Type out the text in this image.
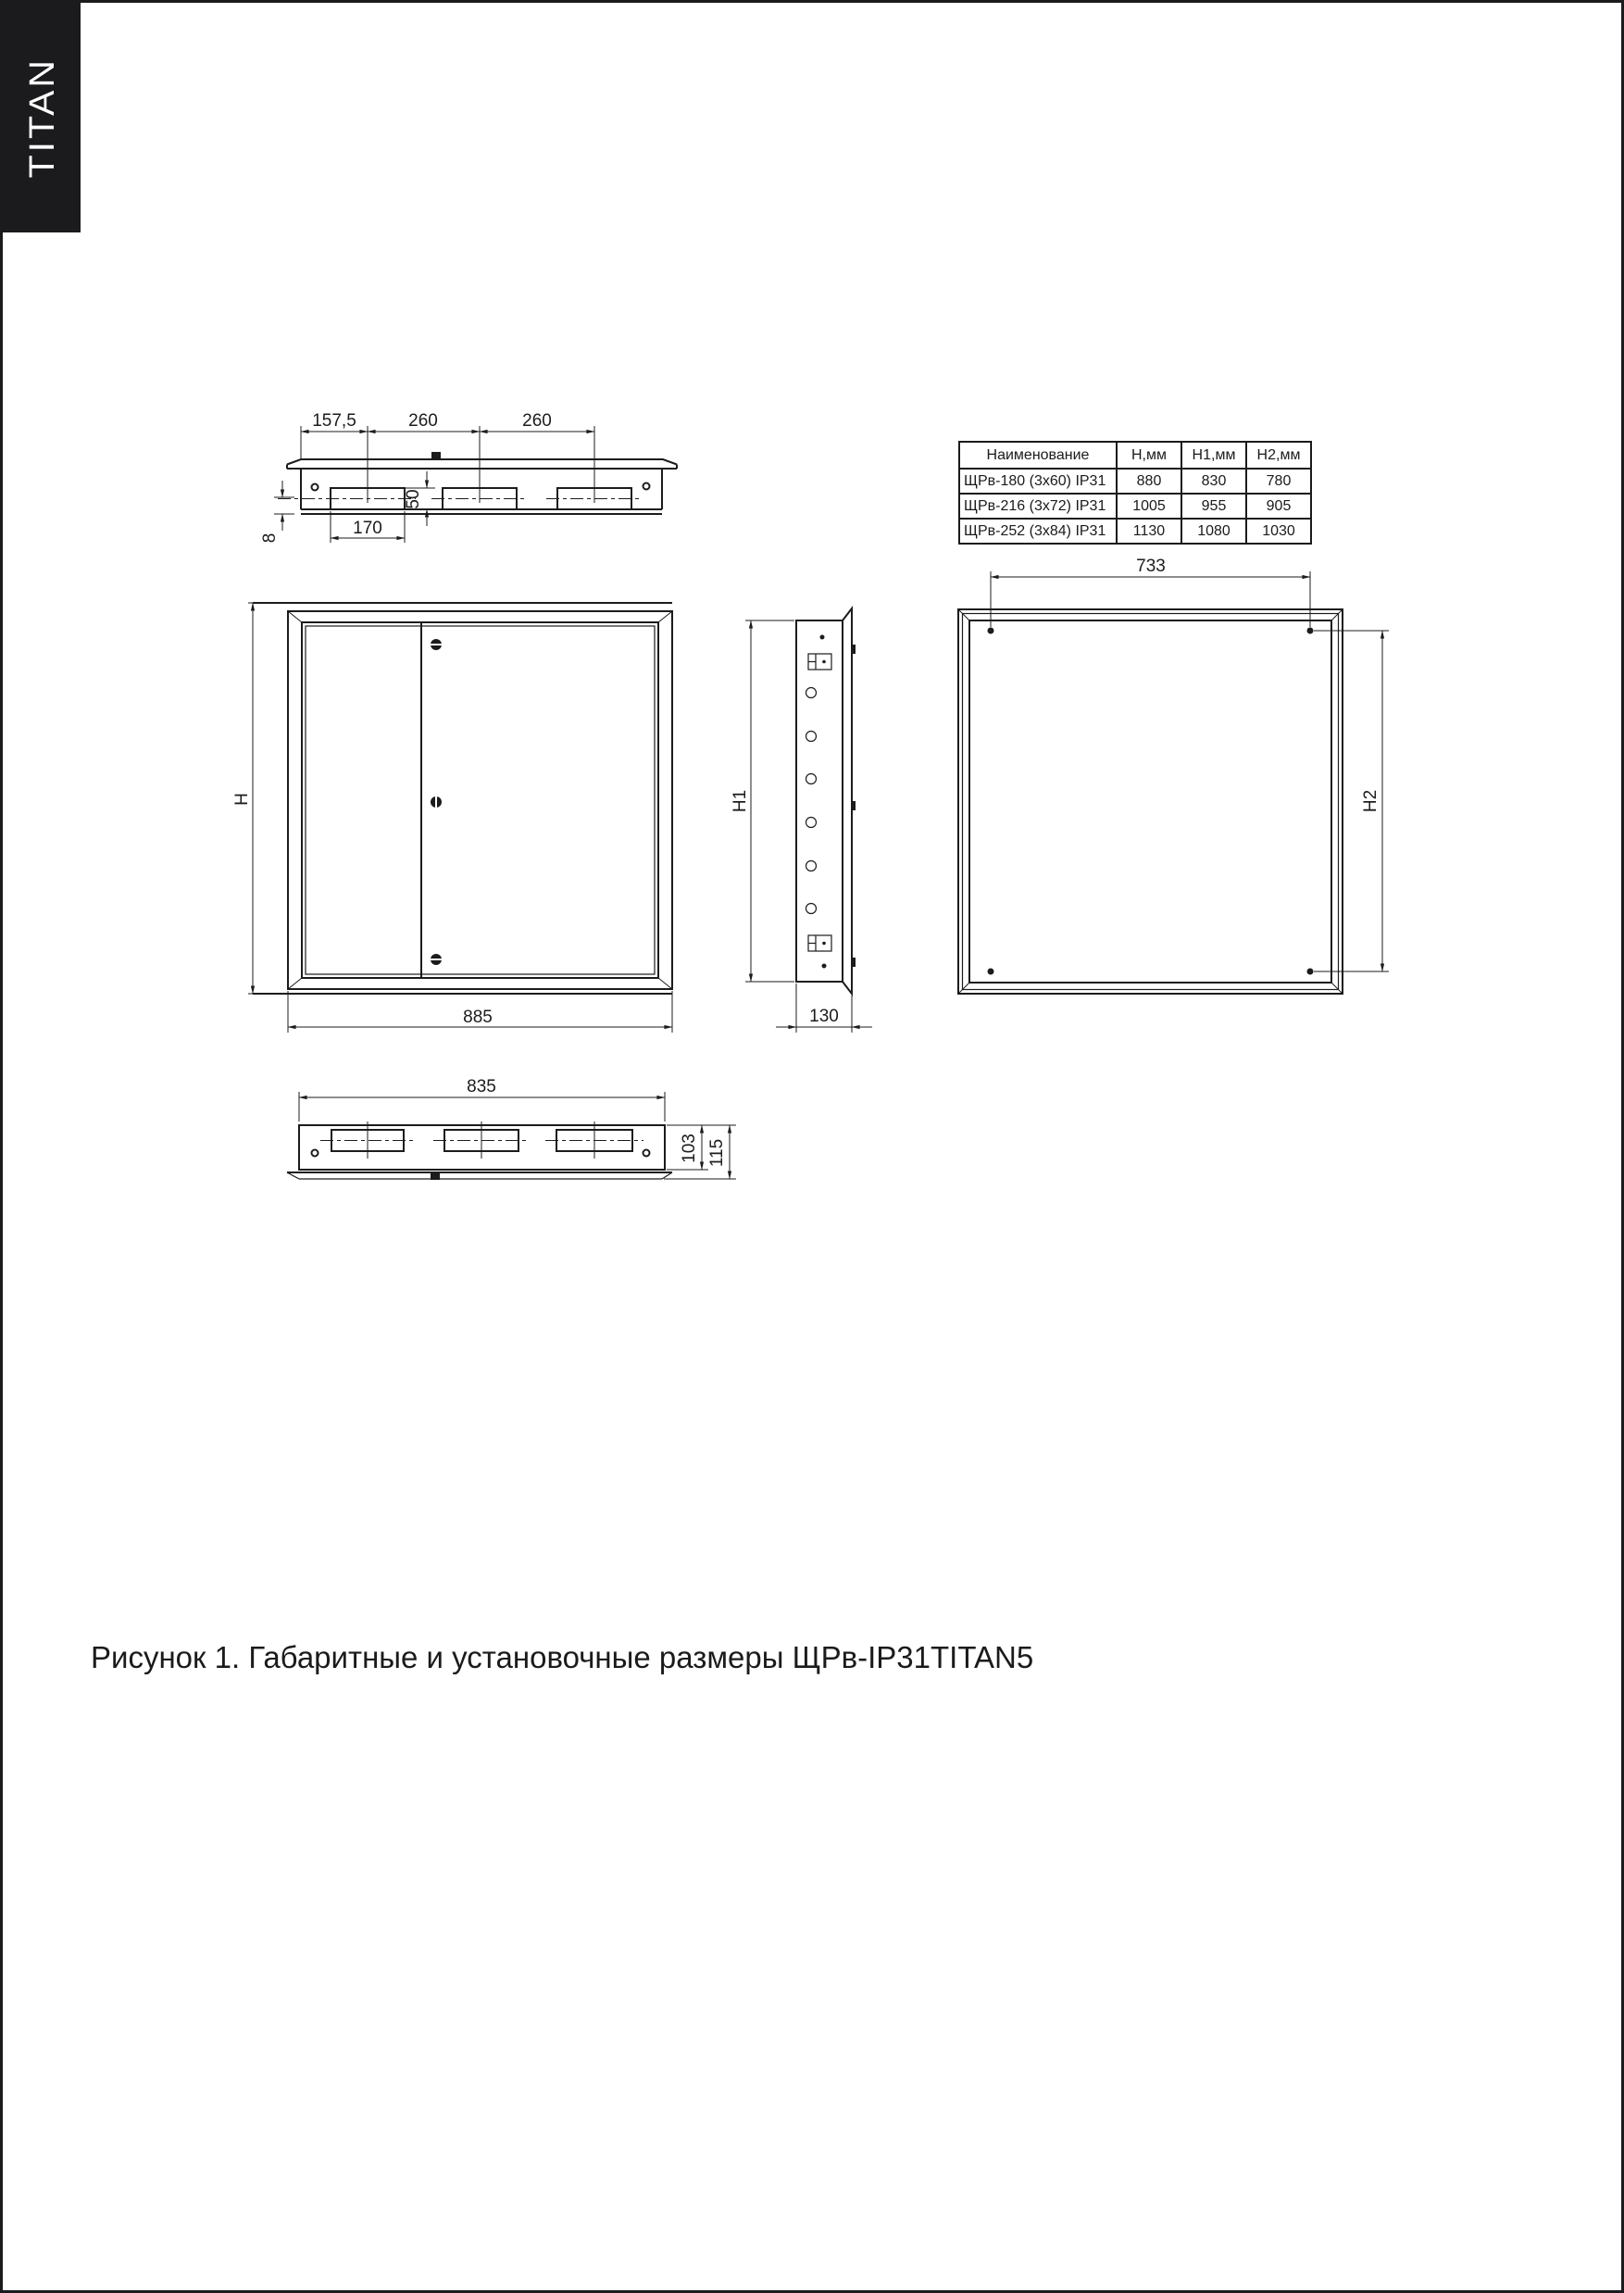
TITAN
157,5	260	260
170
50
8
H
885
H1
130
733
H2
835
103 115
Наименование	Н,мм	Н1,мм	Н2,мм
ЩРв-180 (3х60) IP31	880	830	780
ЩРв-216 (3х72) IP31	1005	955	905
ЩРв-252 (3х84) IP31	1130	1080	1030
Рисунок 1. Габаритные и установочные размеры ЩРв-IP31TITAN5
